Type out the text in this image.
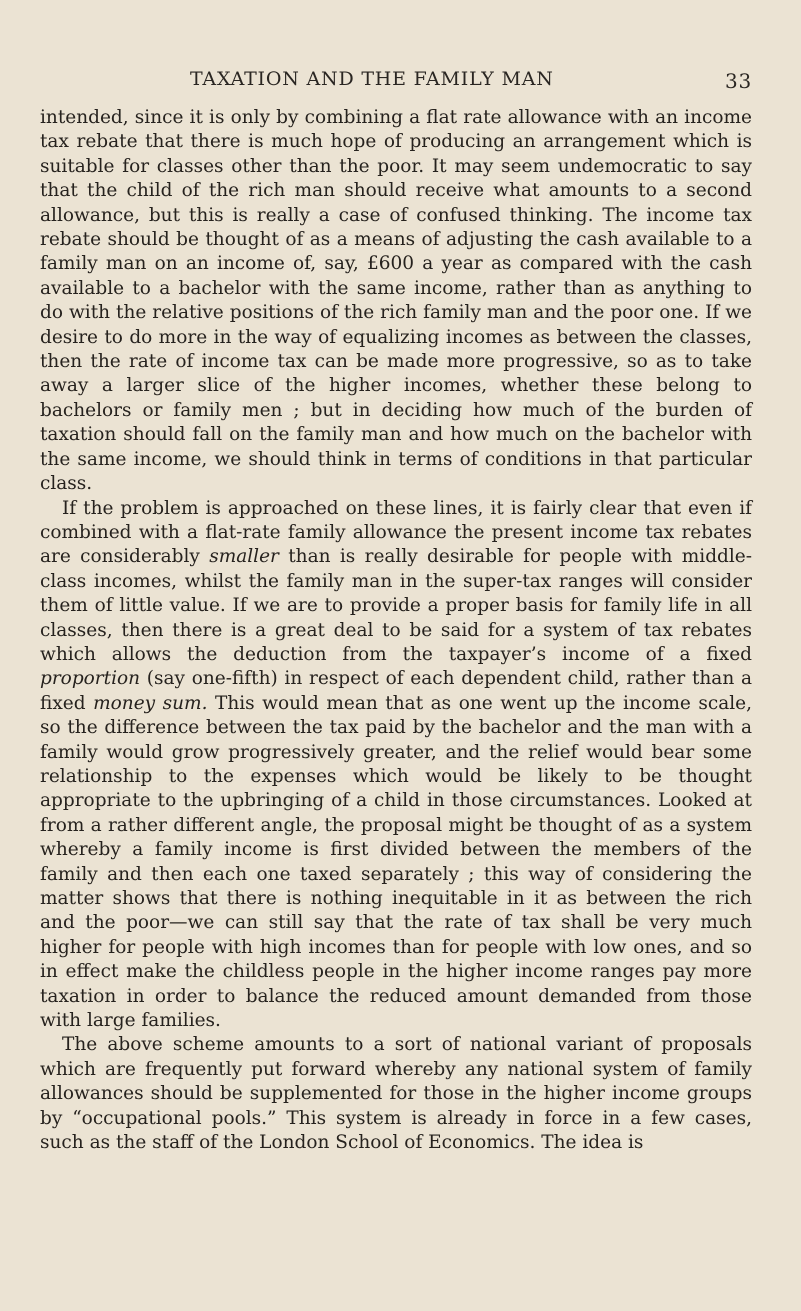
TAXATION AND THE FAMILY MAN	33

intended, since it is only by combining a flat rate allowance with an income tax rebate that there is much hope of producing an arrangement which is suitable for classes other than the poor. It may seem undemocratic to say that the child of the rich man should receive what amounts to a second allowance, but this is really a case of confused thinking. The income tax rebate should be thought of as a means of adjusting the cash available to a family man on an income of, say, £600 a year as compared with the cash available to a bachelor with the same income, rather than as anything to do with the relative positions of the rich family man and the poor one. If we desire to do more in the way of equalizing incomes as between the classes, then the rate of income tax can be made more progressive, so as to take away a larger slice of the higher incomes, whether these belong to bachelors or family men ; but in deciding how much of the burden of taxation should fall on the family man and how much on the bachelor with the same income, we should think in terms of conditions in that particular class.

If the problem is approached on these lines, it is fairly clear that even if combined with a flat-rate family allowance the present income tax rebates are considerably smaller than is really desirable for people with middle-class incomes, whilst the family man in the super-tax ranges will consider them of little value. If we are to provide a proper basis for family life in all classes, then there is a great deal to be said for a system of tax rebates which allows the deduction from the taxpayer’s income of a fixed proportion (say one-fifth) in respect of each dependent child, rather than a fixed money sum. This would mean that as one went up the income scale, so the difference between the tax paid by the bachelor and the man with a family would grow progressively greater, and the relief would bear some relationship to the expenses which would be likely to be thought appropriate to the upbringing of a child in those circumstances. Looked at from a rather different angle, the proposal might be thought of as a system whereby a family income is first divided between the members of the family and then each one taxed separately ; this way of considering the matter shows that there is nothing inequitable in it as between the rich and the poor—we can still say that the rate of tax shall be very much higher for people with high incomes than for people with low ones, and so in effect make the childless people in the higher income ranges pay more taxation in order to balance the reduced amount demanded from those with large families.

The above scheme amounts to a sort of national variant of proposals which are frequently put forward whereby any national system of family allowances should be supplemented for those in the higher income groups by “occupational pools.” This system is already in force in a few cases, such as the staff of the London School of Economics. The idea is
